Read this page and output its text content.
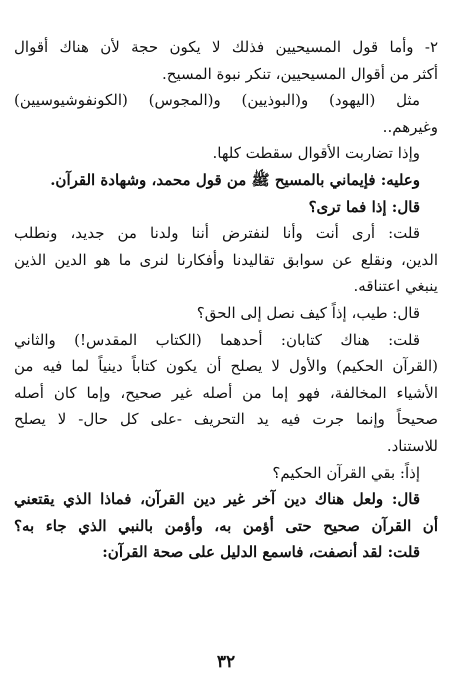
٢- وأما قول المسيحيين فذلك لا يكون حجة لأن هناك أقوال
أكثر من أقوال المسيحيين، تنكر نبوة المسيح.
مثل (اليهود) و(البوذيين) و(المجوس) (الكونفوشيوسيين)
وغيرهم..
وإذا تضاربت الأقوال سقطت كلها.
وعليه: فإيماني بالمسيح ﷺ من قول محمد، وشهادة القرآن.
قال: إذا فما ترى؟
قلت: أرى أنت وأنا لنفترض أننا ولدنا من جديد، ونطلب
الدين، ونقلع عن سوابق تقاليدنا وأفكارنا لنرى ما هو الدين الذين
ينبغي اعتناقه.
قال: طيب، إذاً كيف نصل إلى الحق؟
قلت: هناك كتابان: أحدهما (الكتاب المقدس!) والثاني
(القرآن الحكيم) والأول لا يصلح أن يكون كتاباً دينياً لما فيه من
الأشياء المخالفة، فهو إما من أصله غير صحيح، وإما كان أصله
صحيحاً وإنما جرت فيه يد التحريف -على كل حال- لا يصلح
للاستناد.
إذاً: بقي القرآن الحكيم؟
قال: ولعل هناك دين آخر غير دين القرآن، فماذا الذي يقتعني
أن القرآن صحيح حتى أؤمن به، وأؤمن بالنبي الذي جاء به؟
قلت: لقد أنصفت، فاسمع الدليل على صحة القرآن:
٣٢
